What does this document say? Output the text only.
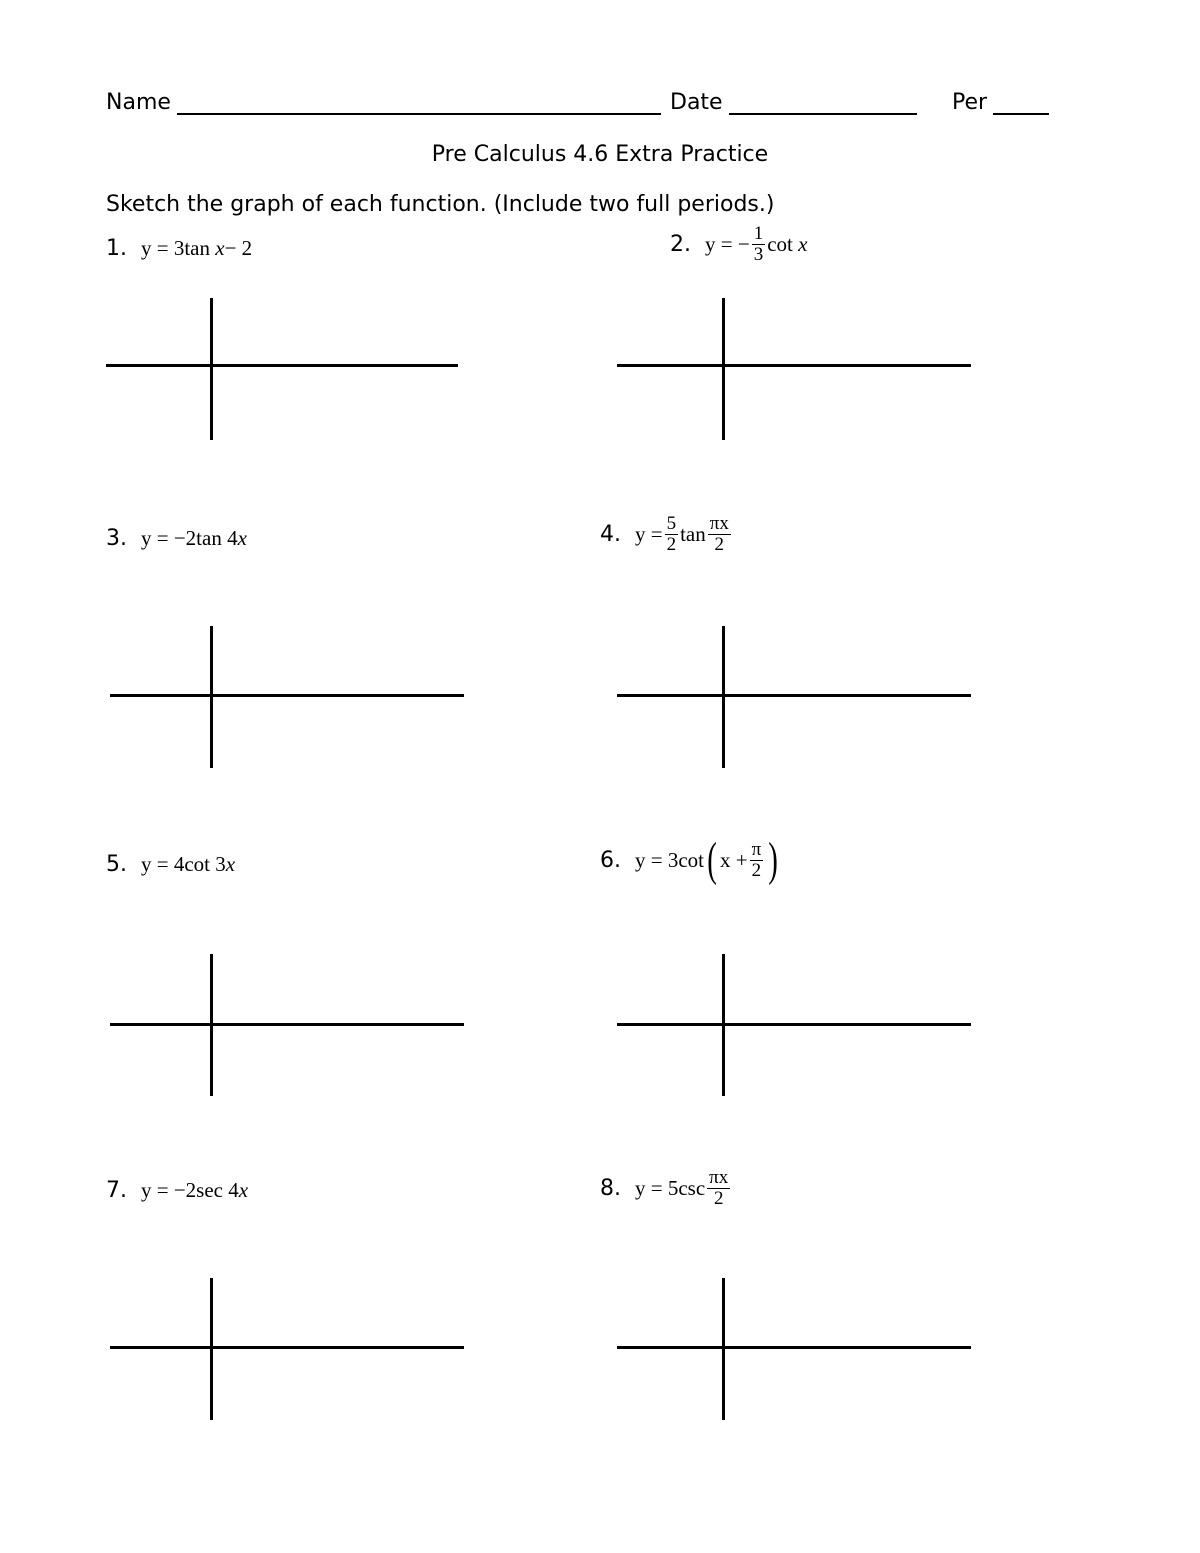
Name	Date	Per
Pre Calculus 4.6 Extra Practice
Sketch the graph of each function. (Include two full periods.)
1. y = 3tan
x − 2	2. y = − $\frac{1}{3}$ cot
x
3. y = −2tan 4 x	4. $y = \frac{5}{2}$ $\tan \frac{\pi x}{2}$
5. y = 4cot 3 x	6. y = 3cot ( $x + \frac{\pi}{2}$ )
7. y = −2sec 4 x	8. $y = 5\csc \frac{\pi x}{2}$
